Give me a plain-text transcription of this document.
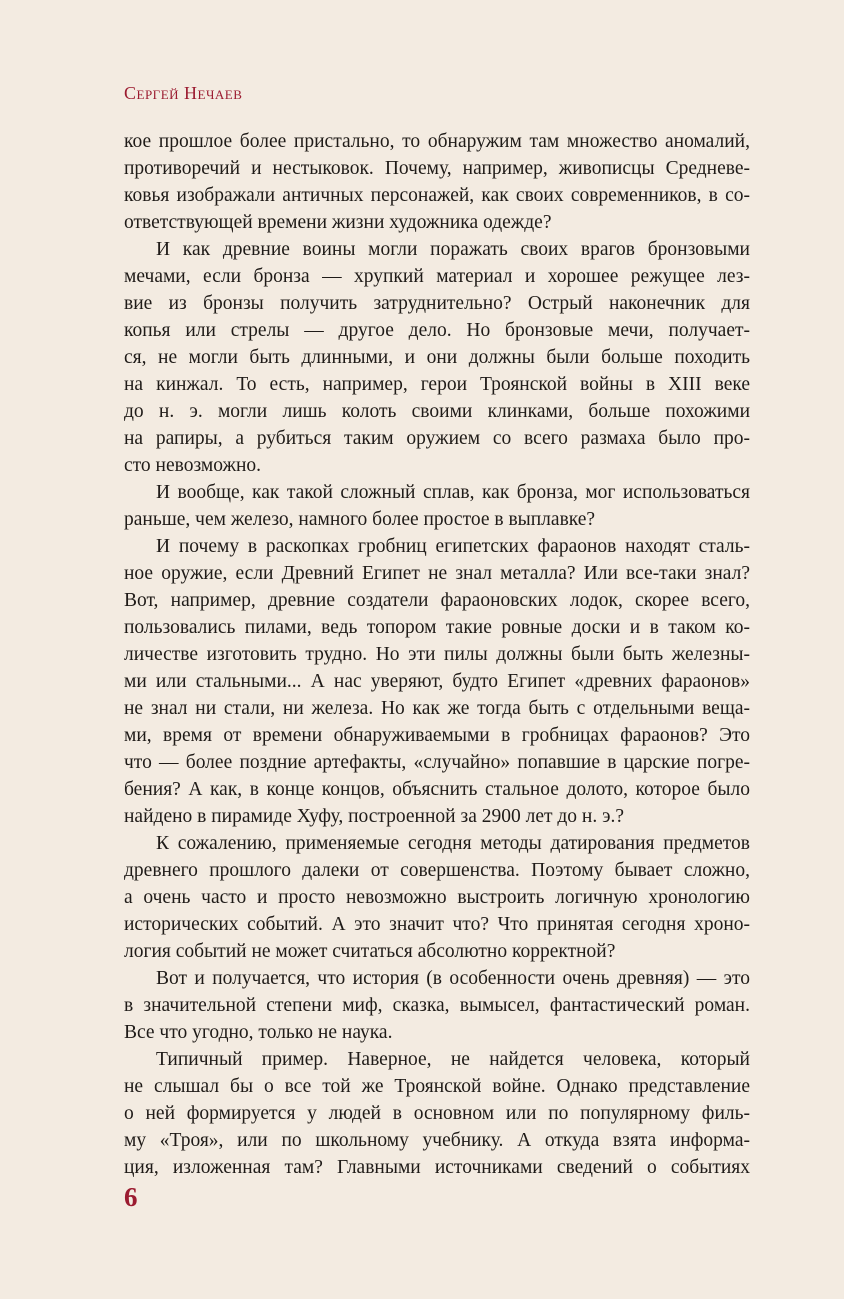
Сергей Нечаев
кое прошлое более пристально, то обнаружим там множество аномалий,
противоречий и нестыковок. Почему, например, живописцы Средневе-
ковья изображали античных персонажей, как своих современников, в со-
ответствующей времени жизни художника одежде?
И как древние воины могли поражать своих врагов бронзовыми
мечами, если бронза — хрупкий материал и хорошее режущее лез-
вие из бронзы получить затруднительно? Острый наконечник для
копья или стрелы — другое дело. Но бронзовые мечи, получает-
ся, не могли быть длинными, и они должны были больше походить
на кинжал. То есть, например, герои Троянской войны в XIII веке
до н. э. могли лишь колоть своими клинками, больше похожими
на рапиры, а рубиться таким оружием со всего размаха было про-
сто невозможно.
И вообще, как такой сложный сплав, как бронза, мог использоваться
раньше, чем железо, намного более простое в выплавке?
И почему в раскопках гробниц египетских фараонов находят сталь-
ное оружие, если Древний Египет не знал металла? Или все-таки знал?
Вот, например, древние создатели фараоновских лодок, скорее всего,
пользовались пилами, ведь топором такие ровные доски и в таком ко-
личестве изготовить трудно. Но эти пилы должны были быть железны-
ми или стальными... А нас уверяют, будто Египет «древних фараонов»
не знал ни стали, ни железа. Но как же тогда быть с отдельными веща-
ми, время от времени обнаруживаемыми в гробницах фараонов? Это
что — более поздние артефакты, «случайно» попавшие в царские погре-
бения? А как, в конце концов, объяснить стальное долото, которое было
найдено в пирамиде Хуфу, построенной за 2900 лет до н. э.?
К сожалению, применяемые сегодня методы датирования предметов
древнего прошлого далеки от совершенства. Поэтому бывает сложно,
а очень часто и просто невозможно выстроить логичную хронологию
исторических событий. А это значит что? Что принятая сегодня хроно-
логия событий не может считаться абсолютно корректной?
Вот и получается, что история (в особенности очень древняя) — это
в значительной степени миф, сказка, вымысел, фантастический роман.
Все что угодно, только не наука.
Типичный пример. Наверное, не найдется человека, который
не слышал бы о все той же Троянской войне. Однако представление
о ней формируется у людей в основном или по популярному филь-
му «Троя», или по школьному учебнику. А откуда взята информа-
ция, изложенная там? Главными источниками сведений о событиях
6
